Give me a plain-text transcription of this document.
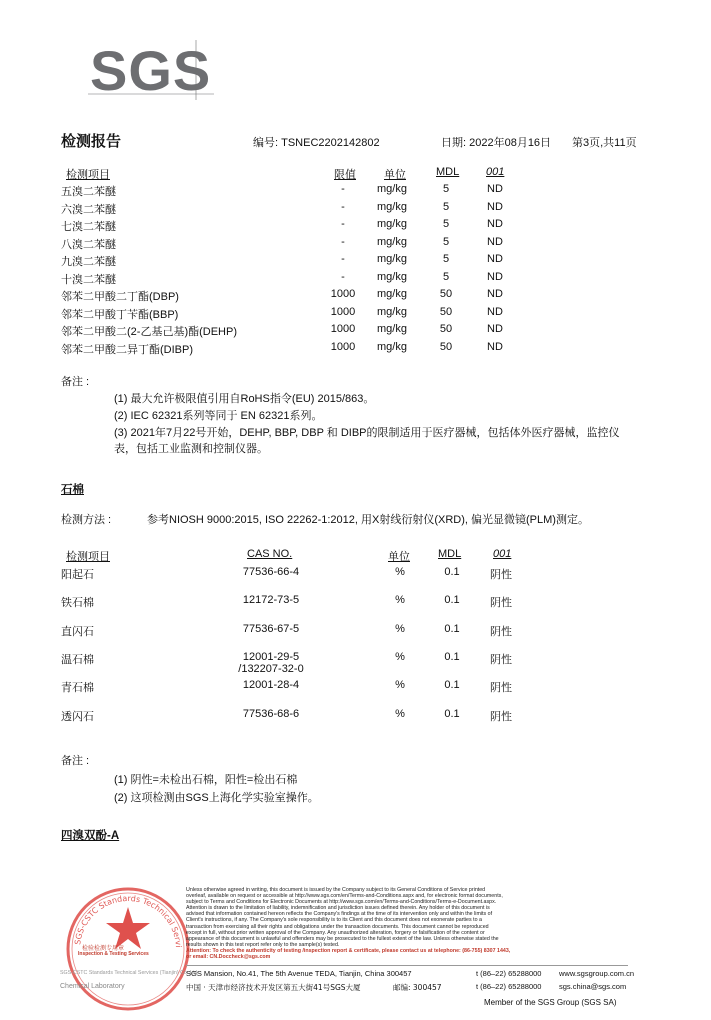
SGS
检测报告	编号: TSNEC2202142802	日期: 2022年08月16日 第3页,共11页
检测项目	限值	单位	MDL 001
五溴二苯醚	-	mg/kg	5	ND
六溴二苯醚	-	mg/kg	5	ND
七溴二苯醚	-	mg/kg	5	ND
八溴二苯醚	-	mg/kg	5	ND
九溴二苯醚	-	mg/kg	5	ND
十溴二苯醚	-	mg/kg	5	ND
邻苯二甲酸二丁酯(DBP)	1000	mg/kg	50	ND
邻苯二甲酸丁苄酯(BBP)	1000	mg/kg	50	ND
邻苯二甲酸二(2-乙基己基)酯(DEHP)	1000	mg/kg	50	ND
邻苯二甲酸二异丁酯(DIBP)	1000	mg/kg	50	ND
备注 :
(1) 最大允许极限值引用自RoHS指令(EU) 2015/863。
(2) IEC 62321系列等同于 EN 62321系列。
(3) 2021年7月22号开始，DEHP, BBP, DBP 和 DIBP的限制适用于医疗器械，包括体外医疗器械，监控仪
表，包括工业监测和控制仪器。
石棉
检测方法 :	参考NIOSH 9000:2015, ISO 22262-1:2012, 用X射线衍射仪(XRD), 偏光显微镜(PLM)测定。
检测项目	CAS NO.	单位	MDL	001
阳起石	77536-66-4	%	0.1	阴性
铁石棉	12172-73-5	%	0.1	阴性
直闪石	77536-67-5	%	0.1	阴性
温石棉	12001-29-5	%	0.1	阴性
/132207-32-0
青石棉	12001-28-4	%	0.1	阴性
透闪石	77536-68-6	%	0.1	阴性
备注 :
(1) 阴性=未检出石棉，阳性=检出石棉
(2) 这项检测由SGS上海化学实验室操作。
四溴双酚-A
SGS-CSTC Standards Technical Servi
检验检测专用章
Inspection & Testing Services
SGS-CSTC Standards Technical Services (Tianjin) Co.,Ltd.
Chemical Laboratory
Unless otherwise agreed in writing, this document is issued by the Company subject to its General Conditions of Service printed
overleaf, available on request or accessible at http://www.sgs.com/en/Terms-and-Conditions.aspx and, for electronic format documents,
subject to Terms and Conditions for Electronic Documents at http://www.sgs.com/en/Terms-and-Conditions/Terms-e-Document.aspx.
Attention is drawn to the limitation of liability, indemnification and jurisdiction issues defined therein. Any holder of this document is
advised that information contained hereon reflects the Company's findings at the time of its intervention only and within the limits of
Client's instructions, if any. The Company's sole responsibility is to its Client and this document does not exonerate parties to a
transaction from exercising all their rights and obligations under the transaction documents. This document cannot be reproduced
except in full, without prior written approval of the Company. Any unauthorized alteration, forgery or falsification of the content or
appearance of this document is unlawful and offenders may be prosecuted to the fullest extent of the law. Unless otherwise stated the
results shown in this test report refer only to the sample(s) tested.
Attention: To check the authenticity of testing /inspection report & certificate, please contact us at telephone: (86-755) 8307 1443,
or email: CN.Doccheck@sgs.com
SGS Mansion, No.41, The 5th Avenue TEDA, Tianjin, China 300457	t (86–22) 65288000 www.sgsgroup.com.cn
中国 · 天津市经济技术开发区第五大街41号SGS大厦	邮编: 300457	t (86–22) 65288000 sgs.china@sgs.com
Member of the SGS Group (SGS SA)
